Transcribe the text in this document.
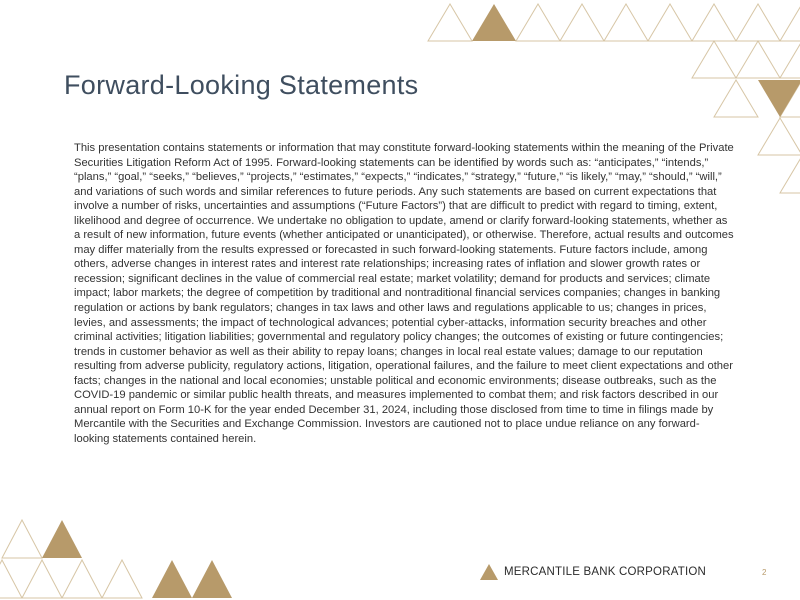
Forward-Looking Statements

This presentation contains statements or information that may constitute forward-looking statements within the meaning of the Private Securities Litigation Reform Act of 1995. Forward-looking statements can be identified by words such as: “anticipates,” “intends,” “plans,” “goal,” “seeks,” “believes,” “projects,” “estimates,” “expects,” “indicates,” “strategy,” “future,” “is likely,” “may,” “should,” “will,” and variations of such words and similar references to future periods. Any such statements are based on current expectations that involve a number of risks, uncertainties and assumptions (“Future Factors”) that are difficult to predict with regard to timing, extent, likelihood and degree of occurrence. We undertake no obligation to update, amend or clarify forward-looking statements, whether as a result of new information, future events (whether anticipated or unanticipated), or otherwise. Therefore, actual results and outcomes may differ materially from the results expressed or forecasted in such forward-looking statements. Future factors include, among others, adverse changes in interest rates and interest rate relationships; increasing rates of inflation and slower growth rates or recession; significant declines in the value of commercial real estate; market volatility; demand for products and services; climate impact; labor markets; the degree of competition by traditional and nontraditional financial services companies; changes in banking regulation or actions by bank regulators; changes in tax laws and other laws and regulations applicable to us; changes in prices, levies, and assessments; the impact of technological advances; potential cyber-attacks, information security breaches and other criminal activities; litigation liabilities; governmental and regulatory policy changes; the outcomes of existing or future contingencies; trends in customer behavior as well as their ability to repay loans; changes in local real estate values; damage to our reputation resulting from adverse publicity, regulatory actions, litigation, operational failures, and the failure to meet client expectations and other facts; changes in the national and local economies; unstable political and economic environments; disease outbreaks, such as the COVID-19 pandemic or similar public health threats, and measures implemented to combat them; and risk factors described in our annual report on Form 10-K for the year ended December 31, 2024, including those disclosed from time to time in filings made by Mercantile with the Securities and Exchange Commission. Investors are cautioned not to place undue reliance on any forward-looking statements contained herein.

MERCANTILE BANK CORPORATION	2
